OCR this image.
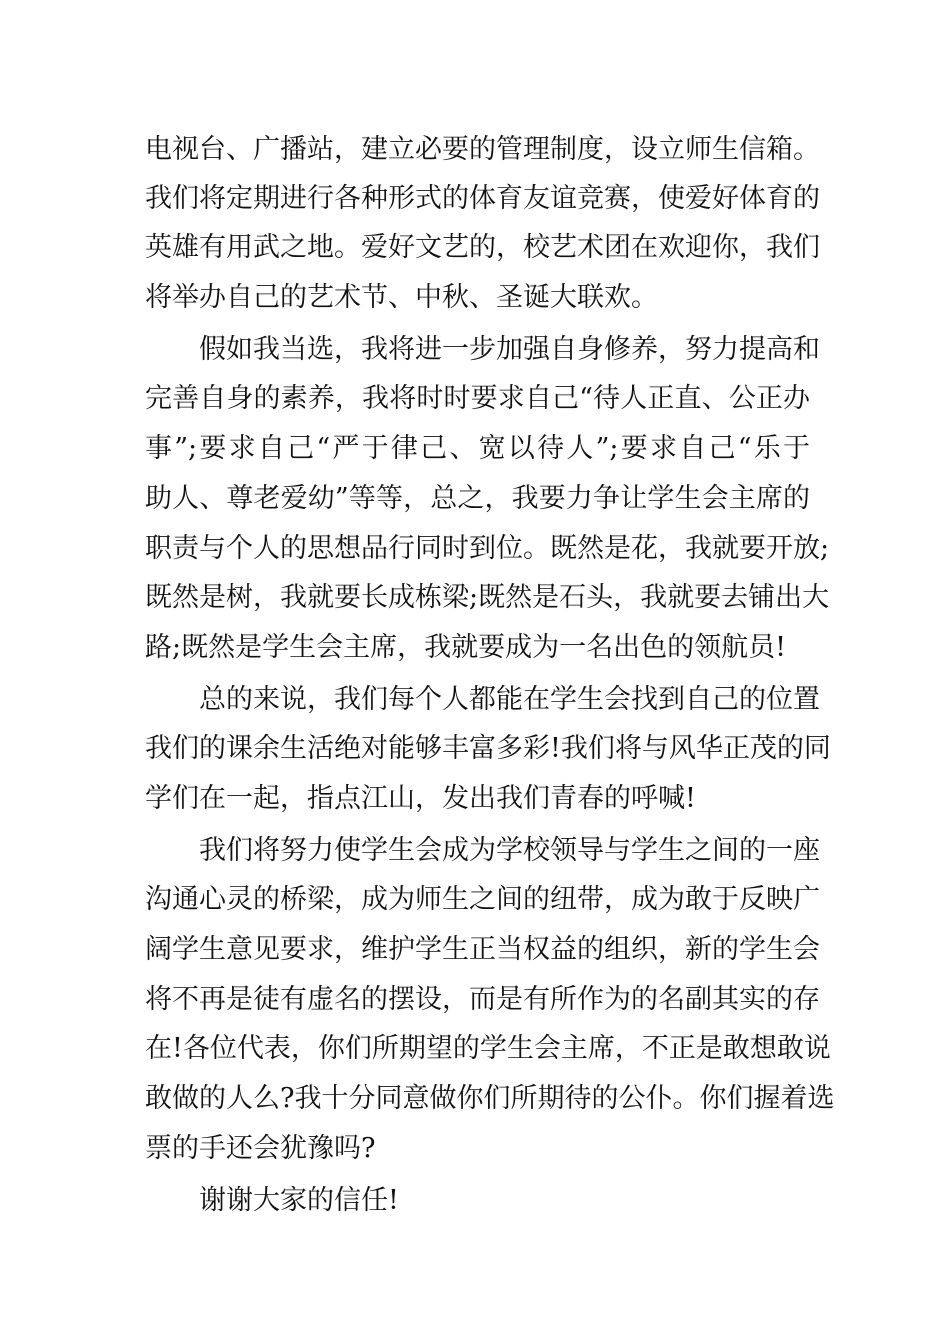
电视台、广播站，建立必要的管理制度，设立师生信箱。
我们将定期进行各种形式的体育友谊竞赛，使爱好体育的
英雄有用武之地。爱好文艺的，校艺术团在欢迎你，我们
将举办自己的艺术节、中秋、圣诞大联欢。
假如我当选，我将进一步加强自身修养，努力提高和
完善自身的素养，我将时时要求自己“待人正直、公正办
事”;要求自己“严于律己、宽以待人”;要求自己“乐于
助人、尊老爱幼”等等，总之，我要力争让学生会主席的
职责与个人的思想品行同时到位。既然是花，我就要开放;
既然是树，我就要长成栋梁;既然是石头，我就要去铺出大
路;既然是学生会主席，我就要成为一名出色的领航员!
总的来说，我们每个人都能在学生会找到自己的位置
我们的课余生活绝对能够丰富多彩!我们将与风华正茂的同
学们在一起，指点江山，发出我们青春的呼喊!
我们将努力使学生会成为学校领导与学生之间的一座
沟通心灵的桥梁，成为师生之间的纽带，成为敢于反映广
阔学生意见要求，维护学生正当权益的组织，新的学生会
将不再是徒有虚名的摆设，而是有所作为的名副其实的存
在!各位代表，你们所期望的学生会主席，不正是敢想敢说
敢做的人么?我十分同意做你们所期待的公仆。你们握着选
票的手还会犹豫吗?
谢谢大家的信任!
